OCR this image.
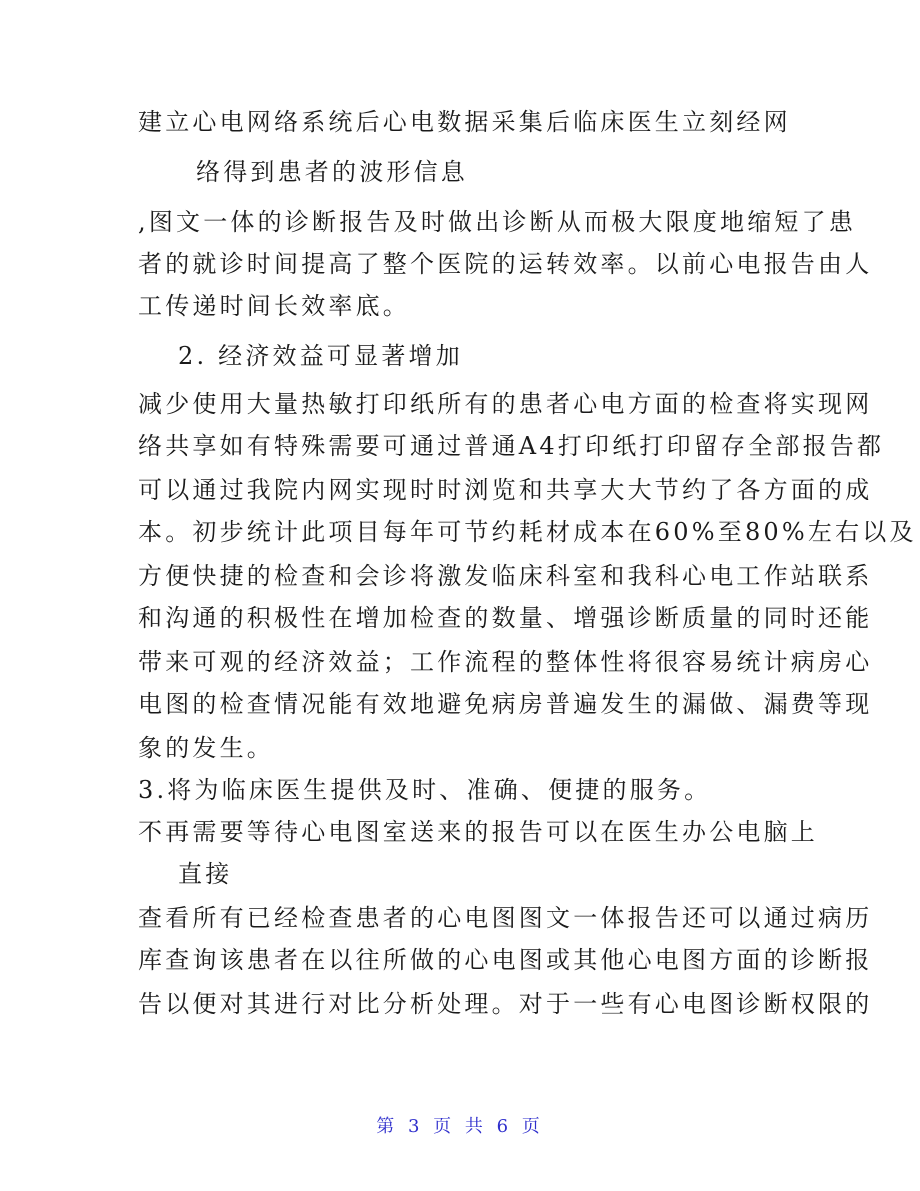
建立心电网络系统后心电数据采集后临床医生立刻经网
络得到患者的波形信息
,图文一体的诊断报告及时做出诊断从而极大限度地缩短了患
者的就诊时间提高了整个医院的运转效率。以前心电报告由人
工传递时间长效率底。
2. 经济效益可显著增加
减少使用大量热敏打印纸所有的患者心电方面的检查将实现网
络共享如有特殊需要可通过普通A4打印纸打印留存全部报告都
可以通过我院内网实现时时浏览和共享大大节约了各方面的成
本。初步统计此项目每年可节约耗材成本在60%至80%左右以及
方便快捷的检查和会诊将激发临床科室和我科心电工作站联系
和沟通的积极性在增加检查的数量、增强诊断质量的同时还能
带来可观的经济效益；工作流程的整体性将很容易统计病房心
电图的检查情况能有效地避免病房普遍发生的漏做、漏费等现
象的发生。
3.将为临床医生提供及时、准确、便捷的服务。
不再需要等待心电图室送来的报告可以在医生办公电脑上
直接
查看所有已经检查患者的心电图图文一体报告还可以通过病历
库查询该患者在以往所做的心电图或其他心电图方面的诊断报
告以便对其进行对比分析处理。对于一些有心电图诊断权限的
第 3 页 共 6 页
